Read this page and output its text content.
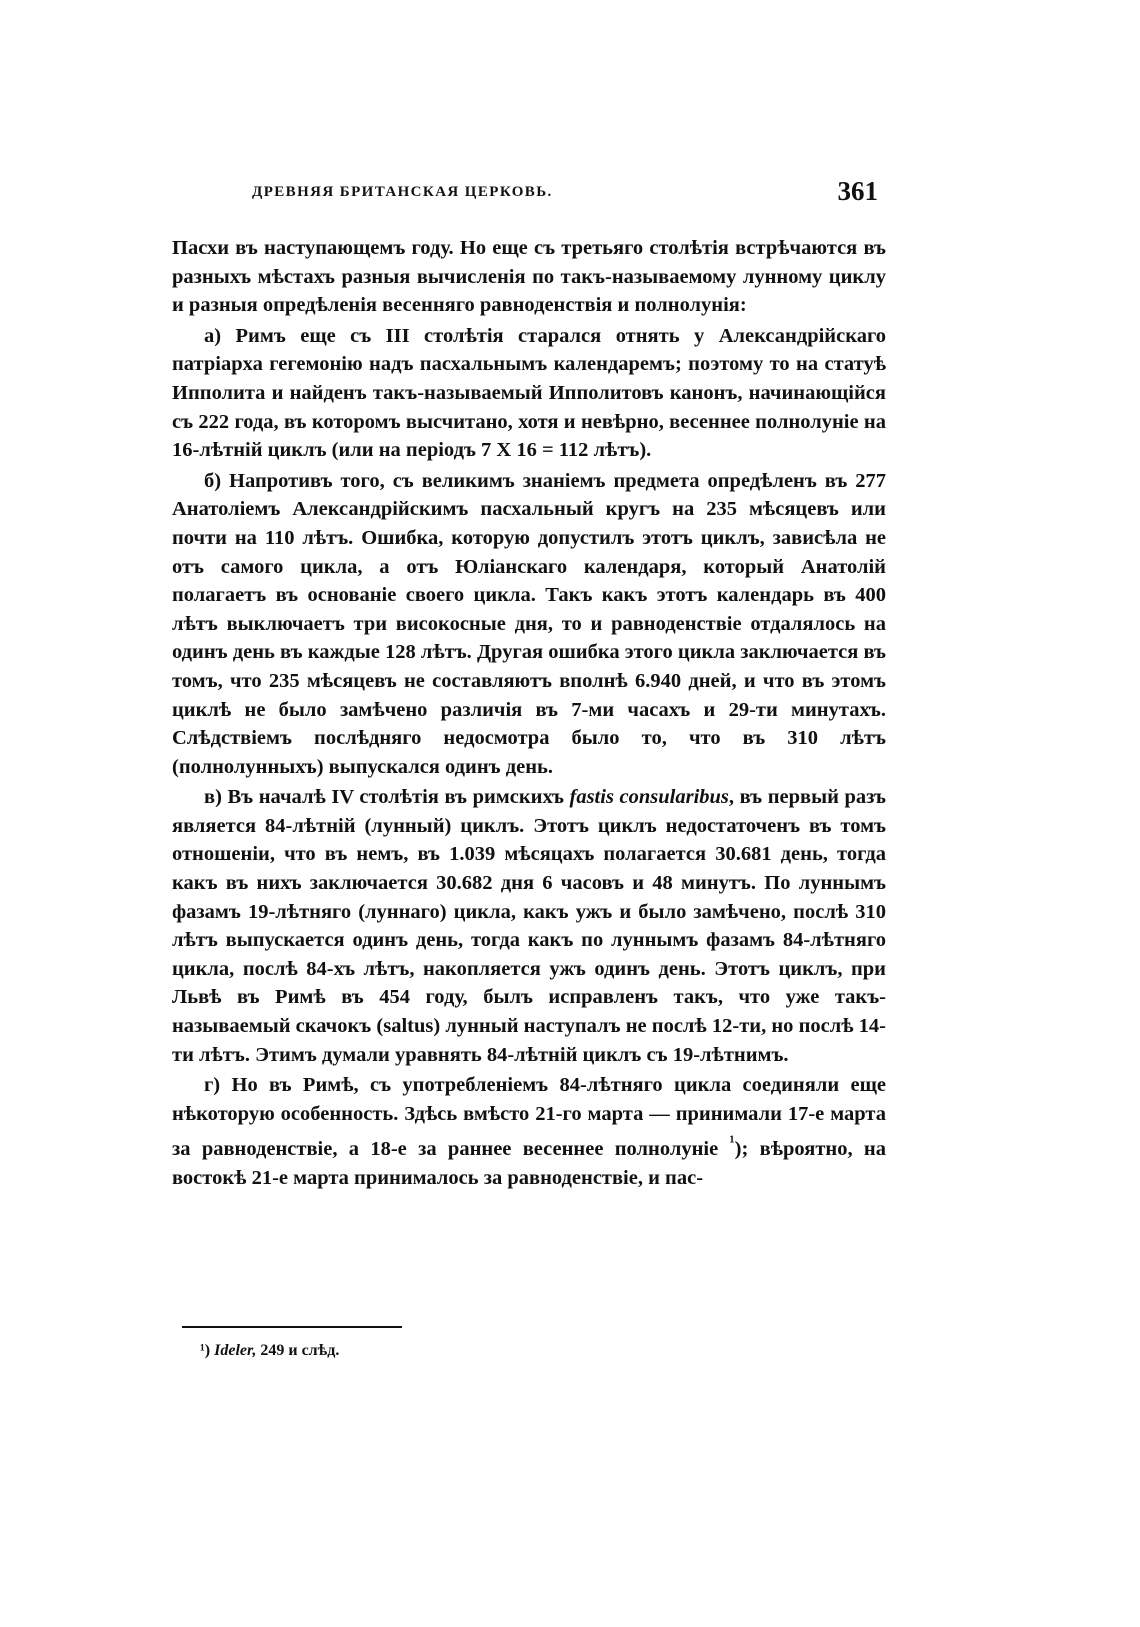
ДРЕВНЯЯ БРИТАНСКАЯ ЦЕРКОВЬ.	361

Пасхи въ наступающемъ году. Но еще съ третьяго столѣтія встрѣчаются въ разныхъ мѣстахъ разныя вычисленія по такъ-называемому лунному циклу и разныя опредѣленія весенняго равноденствія и полнолунія:

а) Римъ еще съ III столѣтія старался отнять у Александрійскаго патріарха гегемонію надъ пасхальнымъ календаремъ; поэтому то на статуѣ Ипполита и найденъ такъ-называемый Ипполитовъ канонъ, начинающійся съ 222 года, въ которомъ высчитано, хотя и невѣрно, весеннее полнолуніе на 16-лѣтній циклъ (или на періодъ 7 X 16 = 112 лѣтъ).

б) Напротивъ того, съ великимъ знаніемъ предмета опредѣленъ въ 277 Анатоліемъ Александрійскимъ пасхальный кругъ на 235 мѣсяцевъ или почти на 110 лѣтъ. Ошибка, которую допустилъ этотъ циклъ, зависѣла не отъ самого цикла, а отъ Юліанскаго календаря, который Анатолій полагаетъ въ основаніе своего цикла. Такъ какъ этотъ календарь въ 400 лѣтъ выключаетъ три високосные дня, то и равноденствіе отдалялось на одинъ день въ каждые 128 лѣтъ. Другая ошибка этого цикла заключается въ томъ, что 235 мѣсяцевъ не составляютъ вполнѣ 6.940 дней, и что въ этомъ циклѣ не было замѣчено различія въ 7-ми часахъ и 29-ти минутахъ. Слѣдствіемъ послѣдняго недосмотра было то, что въ 310 лѣтъ (полнолунныхъ) выпускался одинъ день.

в) Въ началѣ IV столѣтія въ римскихъ fastis consularibus, въ первый разъ является 84-лѣтній (лунный) циклъ. Этотъ циклъ недостаточенъ въ томъ отношеніи, что въ немъ, въ 1.039 мѣсяцахъ полагается 30.681 день, тогда какъ въ нихъ заключается 30.682 дня 6 часовъ и 48 минутъ. По луннымъ фазамъ 19-лѣтняго (луннаго) цикла, какъ ужъ и было замѣчено, послѣ 310 лѣтъ выпускается одинъ день, тогда какъ по луннымъ фазамъ 84-лѣтняго цикла, послѣ 84-хъ лѣтъ, накопляется ужъ одинъ день. Этотъ циклъ, при Львѣ въ Римѣ въ 454 году, былъ исправленъ такъ, что уже такъ-называемый скачокъ (saltus) лунный наступалъ не послѣ 12-ти, но послѣ 14-ти лѣтъ. Этимъ думали уравнять 84-лѣтній циклъ съ 19-лѣтнимъ.

г) Но въ Римѣ, съ употребленіемъ 84-лѣтняго цикла соединяли еще нѣкоторую особенность. Здѣсь вмѣсто 21-го марта — принимали 17-е марта за равноденствіе, а 18-е за раннее весеннее полнолуніе $^{^1}$); вѣроятно, на востокѣ 21-е марта принималось за равноденствіе, и пас-

¹) Ideler, 249 и слѣд.
